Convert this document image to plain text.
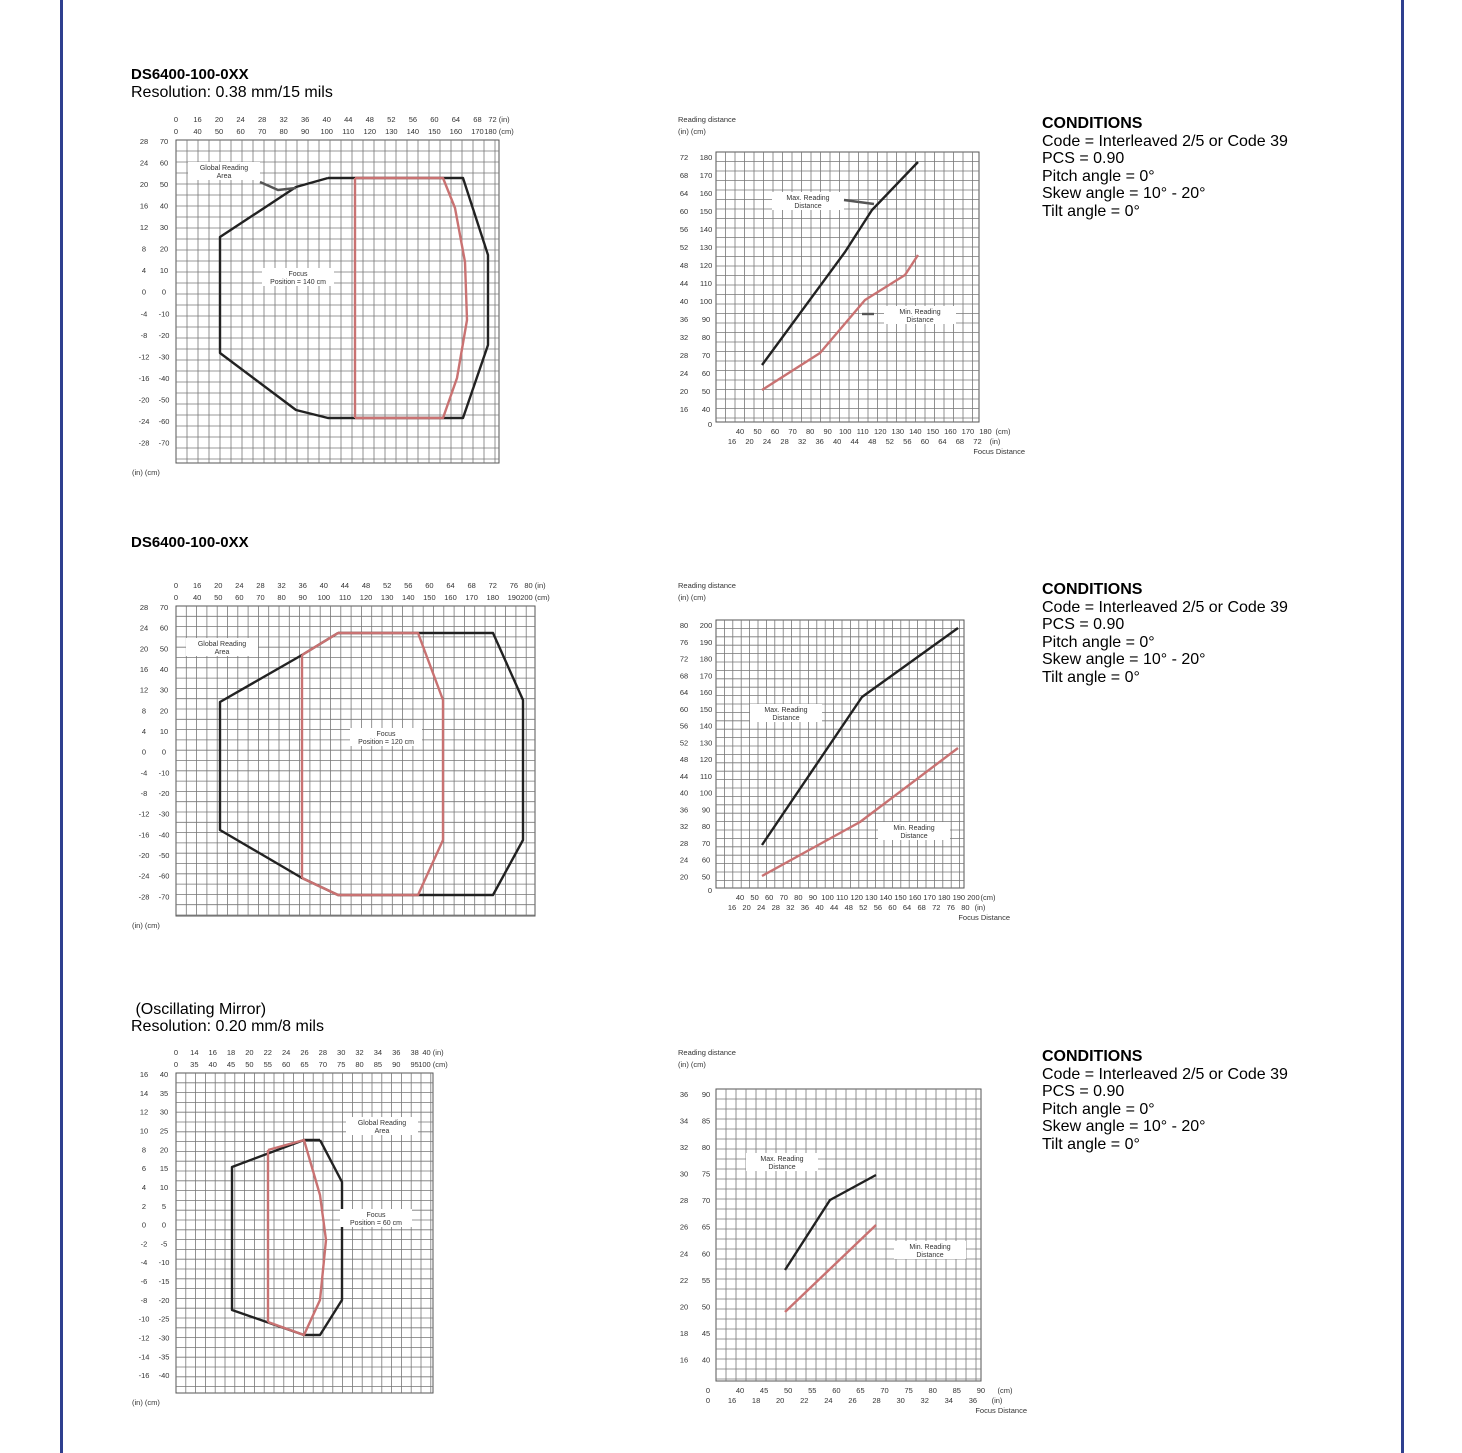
DS6400-100-0XX
Resolution: 0.38 mm/15 mils
0 16 20 24 28 32 36 40 44 48 52 56 60 64 68 72 (in)
0 40 50 60 70 80 90 100 110 120 130 140 150 160 170 180 (cm)
28
24
20
16
12
8
4
0
-4
-8
-12
-16
-20
-24
-28
70
60
50
40
30
20
10
0
-10
-20
-30
-40
-50
-60
-70
(in) (cm)
Global Reading
Area
Focus
Position = 140 cm
Reading distance
(in) (cm)
72
68
64
60
56
52
48
44
40
36
32
28
24
20
16
180
170
160
150
140
130
120
110
100
90
80
70
60
50
40
40 50 60 70 80 90 100 110 120 130 140 150 160 170 180 (cm)
16 20 24 28 32 36 40 44 48 52 56 60 64 68 72 (in)
Focus Distance
0
Max. Reading
Distance
Min. Reading
Distance
CONDITIONS
Code = Interleaved 2/5 or Code 39
PCS = 0.90
Pitch angle = 0°
Skew angle = 10° - 20°
Tilt angle = 0°
DS6400-100-0XX
0 16 20 24 28 32 36 40 44 48 52 56 60 64 68 72 76 80 (in)
0 40 50 60 70 80 90 100 110 120 130 140 150 160 170 180 190 200 (cm)
28
24
20
16
12
8
4
0
-4
-8
-12
-16
-20
-24
-28
70
60
50
40
30
20
10
0
-10
-20
-30
-40
-50
-60
-70
(in) (cm)
Global Reading
Area
Focus
Position = 120 cm
Reading distance
(in) (cm)
80
76
72
68
64
60
56
52
48
44
40
36
32
28
24
20
200
190
180
170
160
150
140
130
120
110
100
90
80
70
60
50
40 50 60 70 80 90 100 110 120 130 140 150 160 170 180 190 200 (cm)
16 20 24 28 32 36 40 44 48 52 56 60 64 68 72 76 80 (in)
Focus Distance
0
Max. Reading
Distance
Min. Reading
Distance
CONDITIONS
Code = Interleaved 2/5 or Code 39
PCS = 0.90
Pitch angle = 0°
Skew angle = 10° - 20°
Tilt angle = 0°
(Oscillating Mirror)
Resolution: 0.20 mm/8 mils
0 14 16 18 20 22 24 26 28 30 32 34 36 38 40 (in)
0 35 40 45 50 55 60 65 70 75 80 85 90 95 100 (cm)
16
14
12
10
8
6
4
2
0
-2
-4
-6
-8
-10
-12
-14
-16
40
35
30
25
20
15
10
5
0
-5
-10
-15
-20
-25
-30
-35
-40
(in) (cm)
Global Reading
Area
Focus
Position = 60 cm
Reading distance
(in) (cm)
36
34
32
30
28
26
24
22
20
18
16
90
85
80
75
70
65
60
55
50
45
40
40 45 50 55 60 65 70 75 80 85 90 (cm)
16 18 20 22 24 26 28 30 32 34 36 (in)
Focus Distance
0
0
Max. Reading
Distance
Min. Reading
Distance
CONDITIONS
Code = Interleaved 2/5 or Code 39
PCS = 0.90
Pitch angle = 0°
Skew angle = 10° - 20°
Tilt angle = 0°
